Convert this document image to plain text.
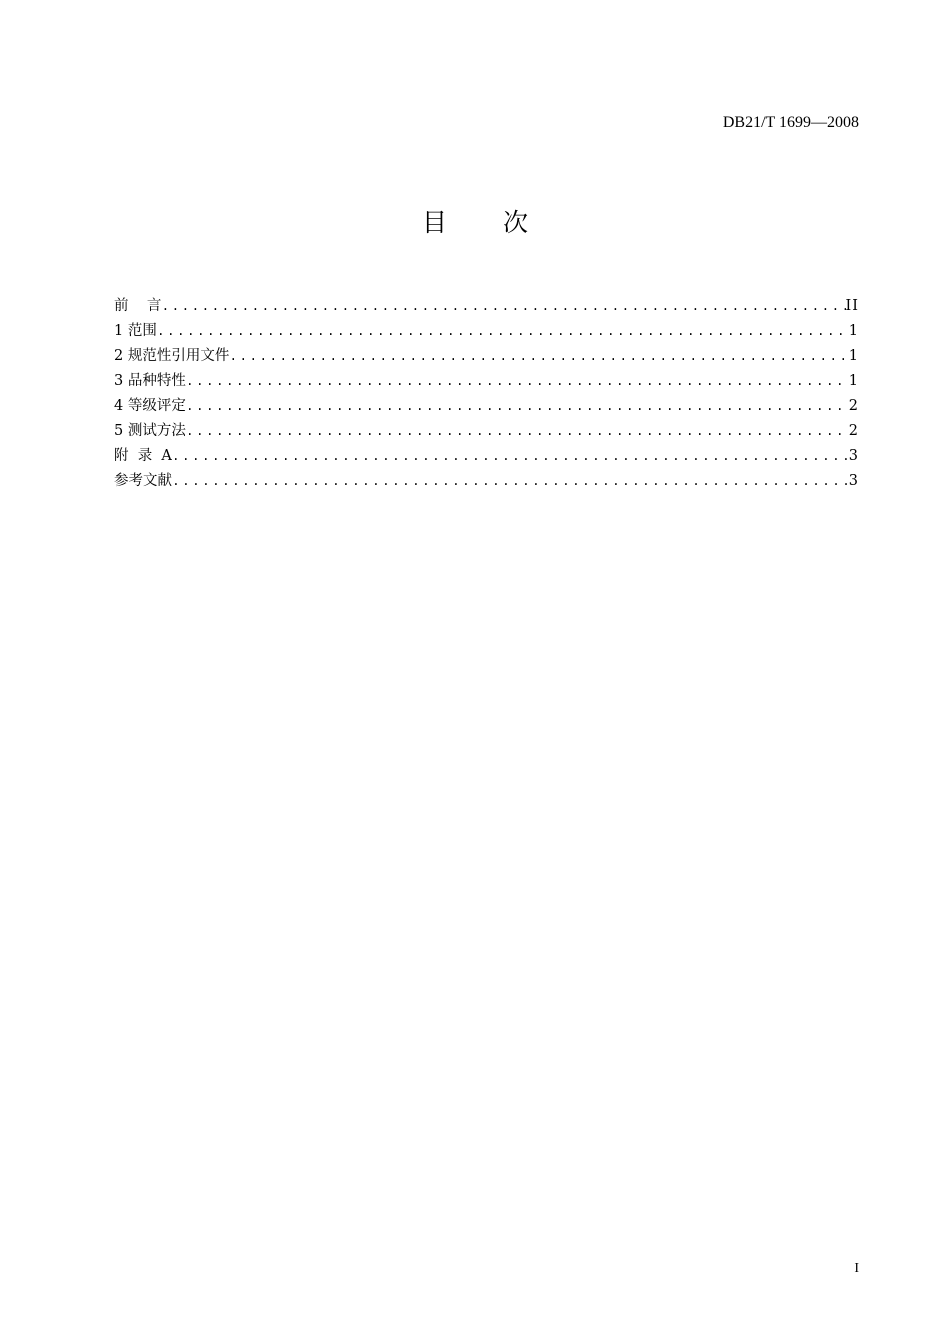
DB21/T 1699—2008
目 次
前    言 .....	II
1 范围 .....	1
2 规范性引用文件 .....	1
3 品种特性 .....	1
4 等级评定 .....	2
5 测试方法 .....	2
附  录  A .....	3
参考文献 .....	3
I
